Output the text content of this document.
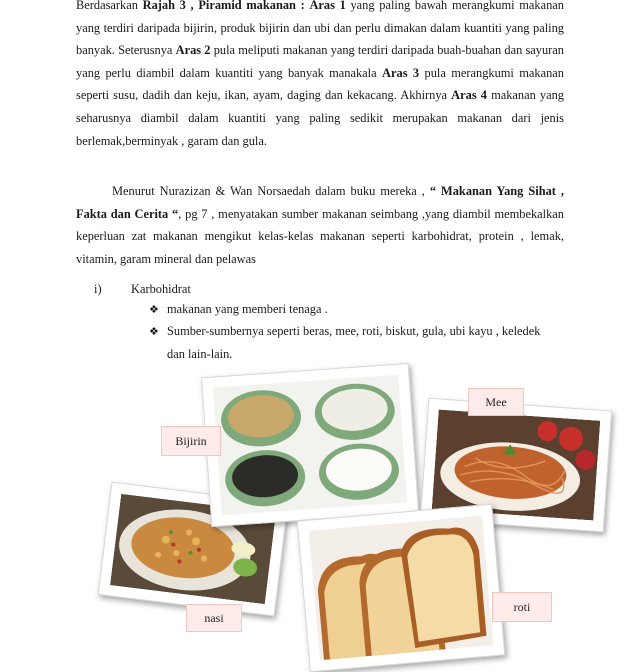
Berdasarkan Rajah 3 , Piramid makanan : Aras 1 yang paling bawah merangkumi makanan yang terdiri daripada bijirin, produk bijirin dan ubi dan perlu dimakan dalam kuantiti yang paling banyak. Seterusnya Aras 2 pula meliputi makanan yang terdiri daripada buah-buahan dan sayuran yang perlu diambil dalam kuantiti yang banyak manakala Aras 3 pula merangkumi makanan seperti susu, dadih dan keju, ikan, ayam, daging dan kekacang. Akhirnya Aras 4 makanan yang seharusnya diambil dalam kuantiti yang paling sedikit merupakan makanan dari jenis berlemak,berminyak , garam dan gula.

Menurut Nurazizan & Wan Norsaedah dalam buku mereka , “ Makanan Yang Sihat , Fakta dan Cerita “, pg 7 , menyatakan sumber makanan seimbang ,yang diambil membekalkan keperluan zat makanan mengikut kelas-kelas makanan seperti karbohidrat, protein , lemak, vitamin, garam mineral dan pelawas

i) Karbohidrat
❖ makanan yang memberi tenaga .
❖ Sumber-sumbernya seperti beras, mee, roti, biskut, gula, ubi kayu , keledek
dan lain-lain.
Bijirin
Mee
nasi
roti
